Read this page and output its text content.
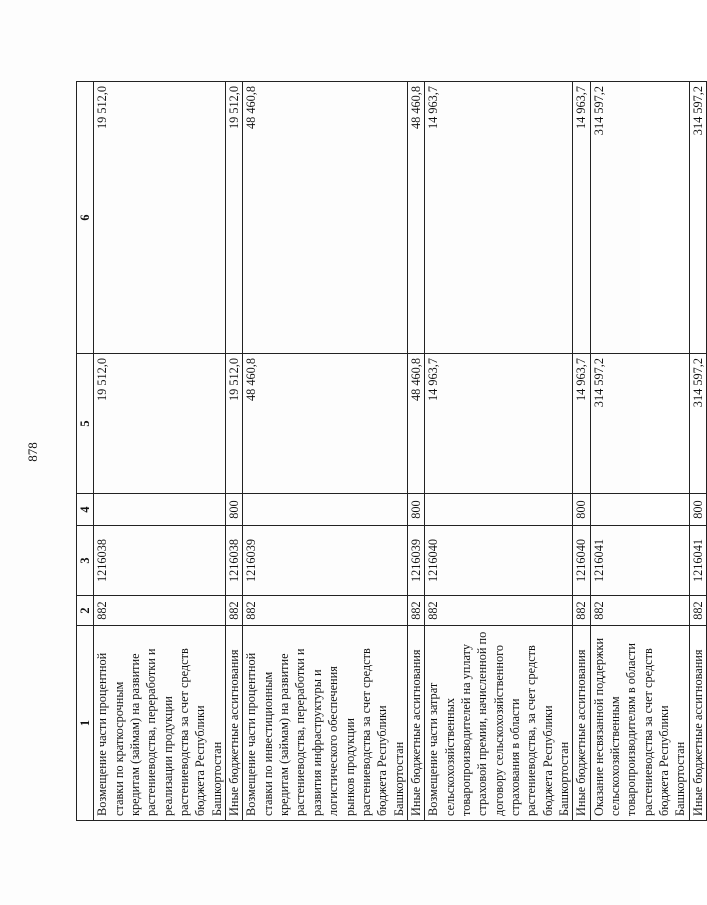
878
1	2	3	4	5	6
Возмещение части процентной ставки по краткосрочным кредитам (займам) на развитие растениеводства, переработки и реализации продукции растениеводства за счет средств бюджета Республики Башкортостан	882	1216038		19 512,0	19 512,0
Иные бюджетные ассигнования	882	1216038	800	19 512,0	19 512,0
Возмещение части процентной ставки по инвестиционным кредитам (займам) на развитие растениеводства, переработки и развития инфраструктуры и логистического обеспечения рынков продукции растениеводства за счет средств бюджета Республики Башкортостан	882	1216039		48 460,8	48 460,8
Иные бюджетные ассигнования	882	1216039	800	48 460,8	48 460,8
Возмещение части затрат сельскохозяйственных товаропроизводителей на уплату страховой премии, начисленной по договору сельскохозяйственного страхования в области растениеводства, за счет средств бюджета Республики Башкортостан	882	1216040		14 963,7	14 963,7
Иные бюджетные ассигнования	882	1216040	800	14 963,7	14 963,7
Оказание несвязанной поддержки сельскохозяйственным товаропроизводителям в области растениеводства за счет средств бюджета Республики Башкортостан	882	1216041		314 597,2	314 597,2
Иные бюджетные ассигнования	882	1216041	800	314 597,2	314 597,2
